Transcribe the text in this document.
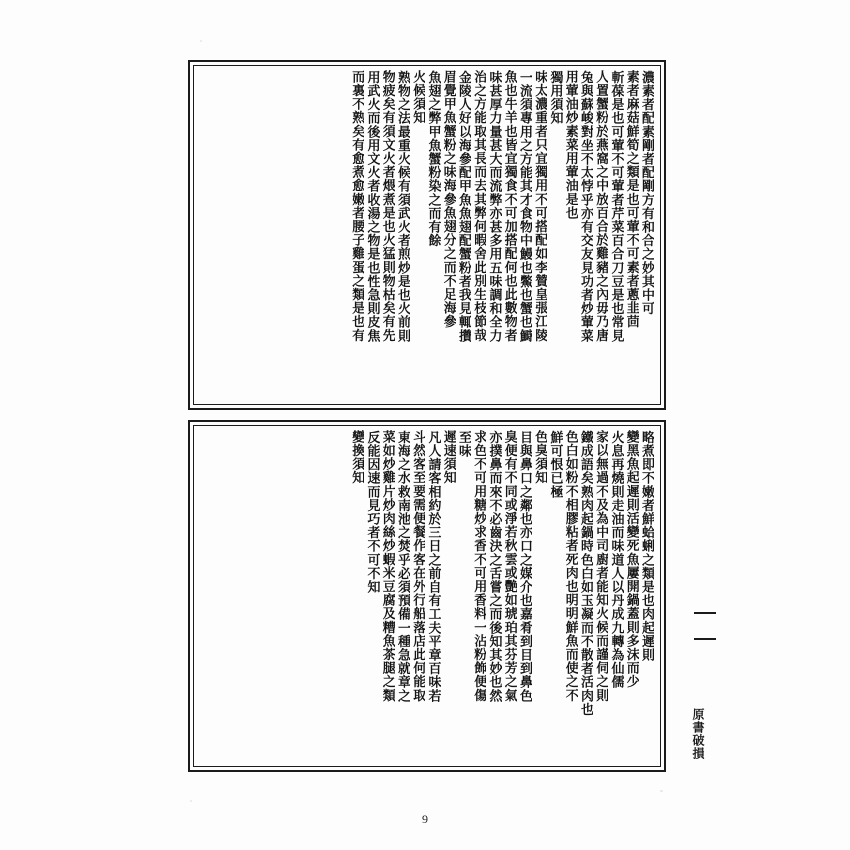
濃素者配素剛者配剛方有和合之妙其中可
素者麻菇鮮筍之類是也可葷不可素者蔥韭茴
斬葆是也可葷不可葷者芹菜百合刀豆是也常見
人置蟹粉於燕窩之中放百合於雞豬之內毋乃唐
兔與蘇峻對坐不太悖乎亦有交友見功者炒葷菜
用葷油炒素菜用葷油是也
獨用須知
味太濃重者只宜獨用不可搭配如李贊皇張江陵
一流須專用之方能其才食物中鰻也鱉也蟹也鰣
魚也牛羊也皆宜獨食不可加搭配何也此數物者
味甚厚力量甚大而流弊亦甚多用五味調和全力
治之方能取其長而去其弊何暇舍此別生枝節哉
金陵人好以海參配甲魚魚翅配蟹粉者我見輒攢
眉覺甲魚蟹粉之味海參魚翅分之而不足海參
魚翅之弊甲魚蟹粉染之而有餘
火候須知
熟物之法最重火候有須武火者煎炒是也火前則
物疲矣有須文火者煨煮是也火猛則物枯矣有先
用武火而後用文火者收湯之物是也性急則皮焦
而裏不熟矣有愈煮愈嫩者腰子雞蛋之類是也有
略煮即不嫩者鮮蛤蜊之類是也肉起遲則
變黑魚起遲則活變死魚屢開鍋蓋則多沫而少
火息再燒則走油而味道人以丹成九轉為仙儒
家以無過不及為中司廚者能知火候而謹伺之則
鐵成語矣熟肉起鍋時色白如玉凝而不散者活肉也
色白如粉不相膠粘者死肉也明明鮮魚而使之不
鮮可恨已極
色臭須知
目與鼻口之鄰也亦口之媒介也嘉肴到目到鼻色
臭便有不同或淨若秋雲或艷如琥珀其芬芳之氣
亦撲鼻而來不必齒決之舌嘗之而後知其妙也然
求色不可用糖炒求香不可用香料一沾粉飾便傷
至味
遲速須知
凡人請客相約於三日之前自有工夫平章百味若
斗然客至要需便餐作客在外行船落店此何能取
東海之水救南池之焚乎必須預備一種急就章之
菜如炒雞片炒肉絲炒蝦米豆腐及糟魚茶腿之類
反能因速而見巧者不可不知
變換須知
原書破損
9
